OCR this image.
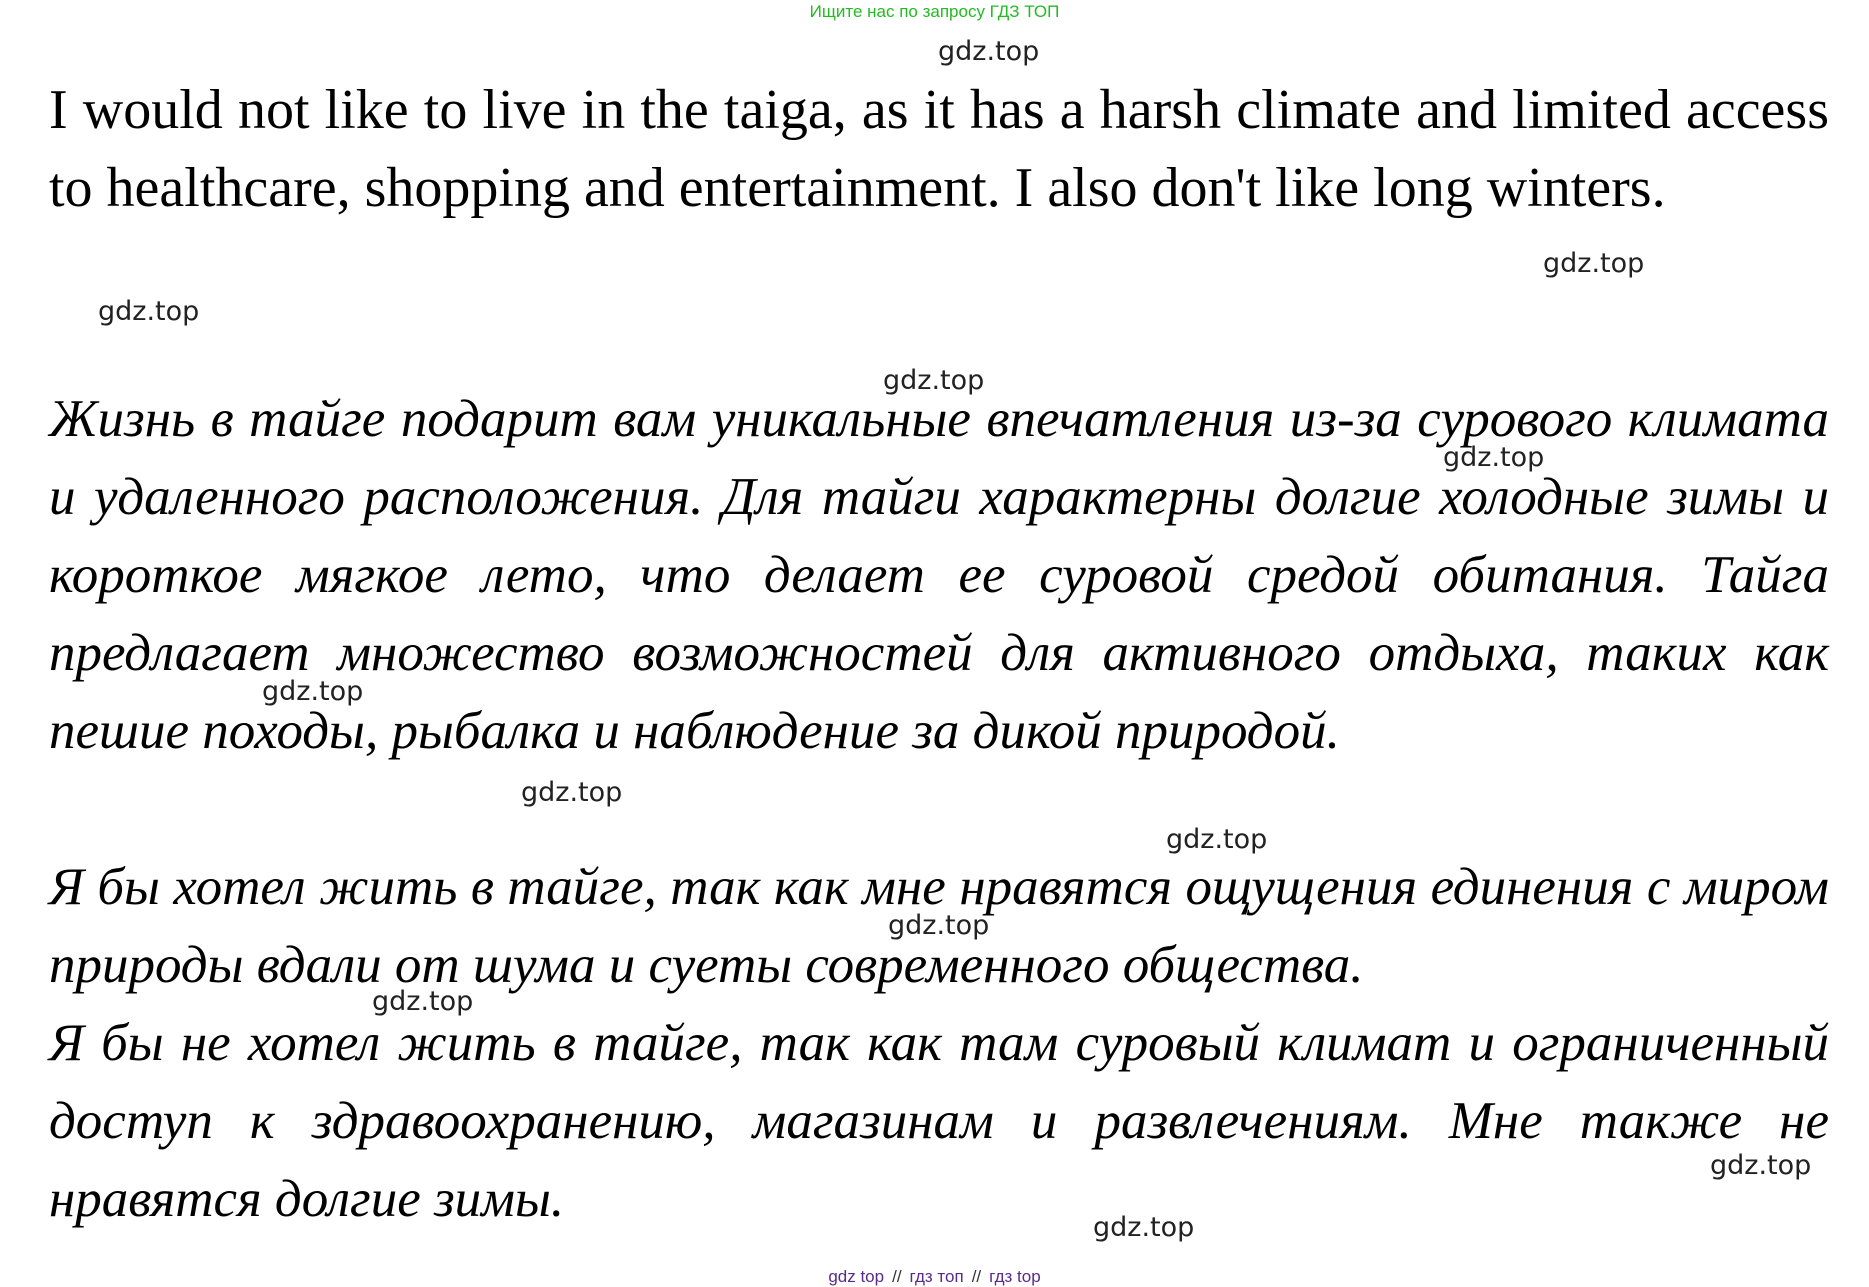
Ищите нас по запросу ГДЗ ТОП

I would not like to live in the taiga, as it has a harsh climate and limited access to healthcare, shopping and entertainment. I also don't like long winters.

Жизнь в тайге подарит вам уникальные впечатления из-за сурового климата и удаленного расположения. Для тайги характерны долгие холодные зимы и короткое мягкое лето, что делает ее суровой средой обитания. Тайга предлагает множество возможностей для активного отдыха, таких как пешие походы, рыбалка и наблюдение за дикой природой.

Я бы хотел жить в тайге, так как мне нравятся ощущения единения с миром природы вдали от шума и суеты современного общества.

Я бы не хотел жить в тайге, так как там суровый климат и ограниченный доступ к здравоохранению, магазинам и развлечениям. Мне также не нравятся долгие зимы.

gdz.top
gdz.top
gdz.top
gdz.top
gdz.top
gdz.top
gdz.top
gdz.top
gdz.top
gdz.top
gdz.top
gdz.top
gdz top // гдз топ // гдз top
